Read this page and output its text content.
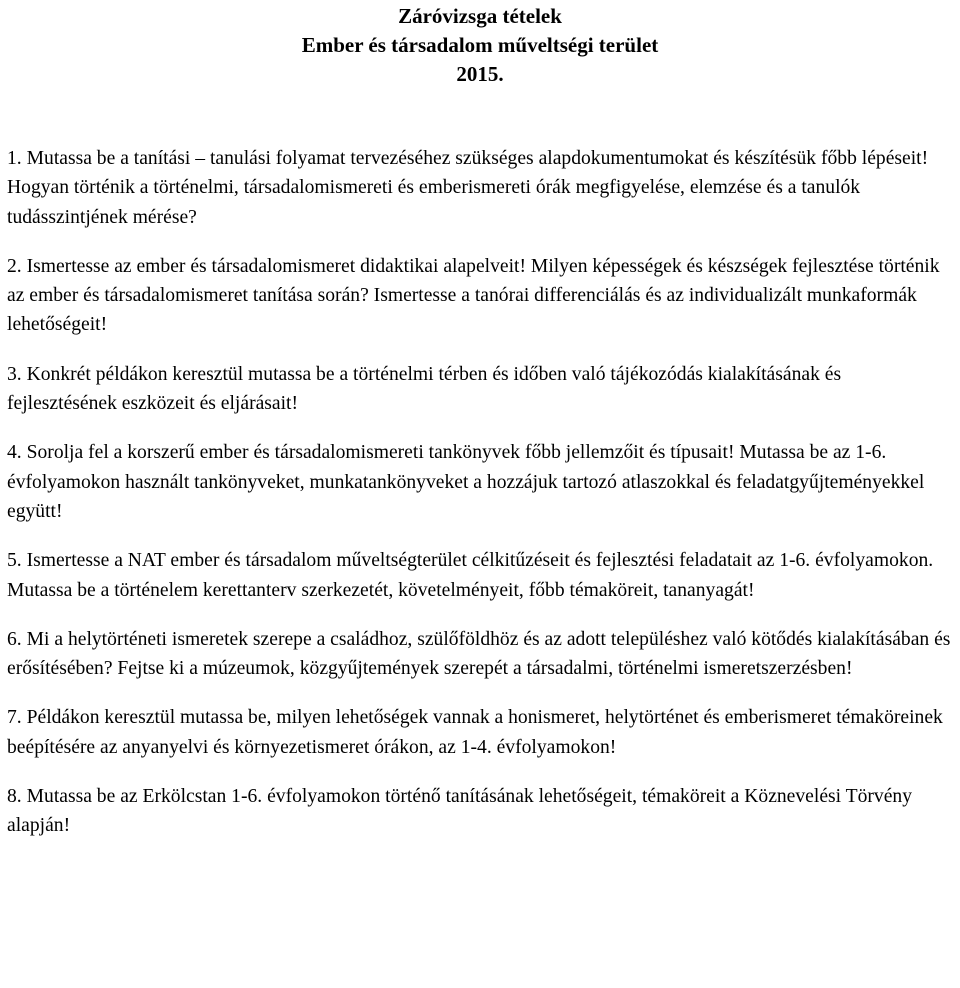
Záróvizsga tételek
Ember és társadalom műveltségi terület
2015.
1. Mutassa be a tanítási – tanulási folyamat tervezéséhez szükséges alapdokumentumokat és készítésük főbb lépéseit! Hogyan történik a történelmi, társadalomismereti és emberismereti órák megfigyelése, elemzése és a tanulók tudásszintjének mérése?
2. Ismertesse az ember és társadalomismeret didaktikai alapelveit! Milyen képességek és készségek fejlesztése történik az ember és társadalomismeret tanítása során? Ismertesse a tanórai differenciálás és az individualizált munkaformák lehetőségeit!
3. Konkrét példákon keresztül mutassa be a történelmi térben és időben való tájékozódás kialakításának és fejlesztésének eszközeit és eljárásait!
4. Sorolja fel a korszerű ember és társadalomismereti tankönyvek főbb jellemzőit és típusait! Mutassa be az 1-6. évfolyamokon használt tankönyveket, munkatankönyveket a hozzájuk tartozó atlaszokkal és feladatgyűjteményekkel együtt!
5. Ismertesse a NAT ember és társadalom műveltségterület célkitűzéseit és fejlesztési feladatait az 1-6. évfolyamokon. Mutassa be a történelem kerettanterv szerkezetét, követelményeit, főbb témaköreit, tananyagát!
6. Mi a helytörténeti ismeretek szerepe a családhoz, szülőföldhöz és az adott településhez való kötődés kialakításában és erősítésében? Fejtse ki a múzeumok, közgyűjtemények szerepét a társadalmi, történelmi ismeretszerzésben!
7. Példákon keresztül mutassa be, milyen lehetőségek vannak a honismeret, helytörténet és emberismeret témaköreinek beépítésére az anyanyelvi és környezetismeret órákon, az 1-4. évfolyamokon!
8. Mutassa be az Erkölcstan 1-6. évfolyamokon történő tanításának lehetőségeit, témaköreit a Köznevelési Törvény alapján!
